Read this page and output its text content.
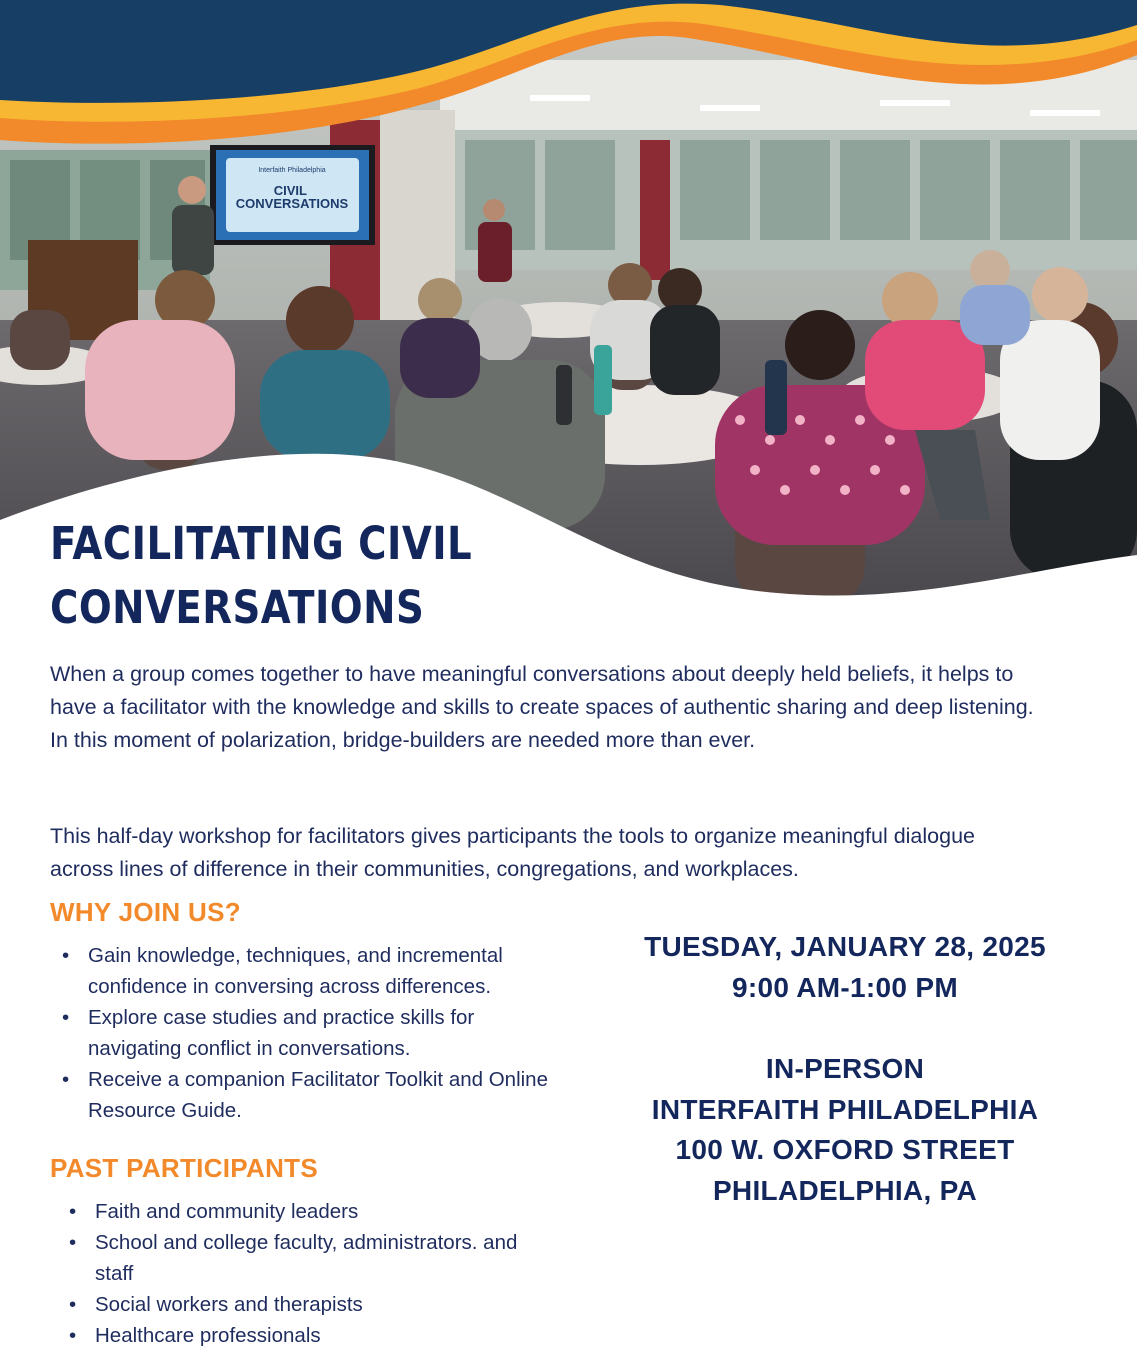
Interfaith Philadelphia
CIVIL CONVERSATIONS
FACILITATING CIVIL
CONVERSATIONS

When a group comes together to have meaningful conversations about deeply held beliefs, it helps to have a facilitator with the knowledge and skills to create spaces of authentic sharing and deep listening. In this moment of polarization, bridge-builders are needed more than ever.

This half-day workshop for facilitators gives participants the tools to organize meaningful dialogue across lines of difference in their communities, congregations, and workplaces.

WHY JOIN US?
• Gain knowledge, techniques, and incremental confidence in conversing across differences.
• Explore case studies and practice skills for navigating conflict in conversations.
• Receive a companion Facilitator Toolkit and Online Resource Guide.
PAST PARTICIPANTS
• Faith and community leaders
• School and college faculty, administrators. and staff
• Social workers and therapists
• Healthcare professionals
TUESDAY, JANUARY 28, 2025
9:00 AM-1:00 PM
IN-PERSON
INTERFAITH PHILADELPHIA
100 W. OXFORD STREET
PHILADELPHIA, PA
